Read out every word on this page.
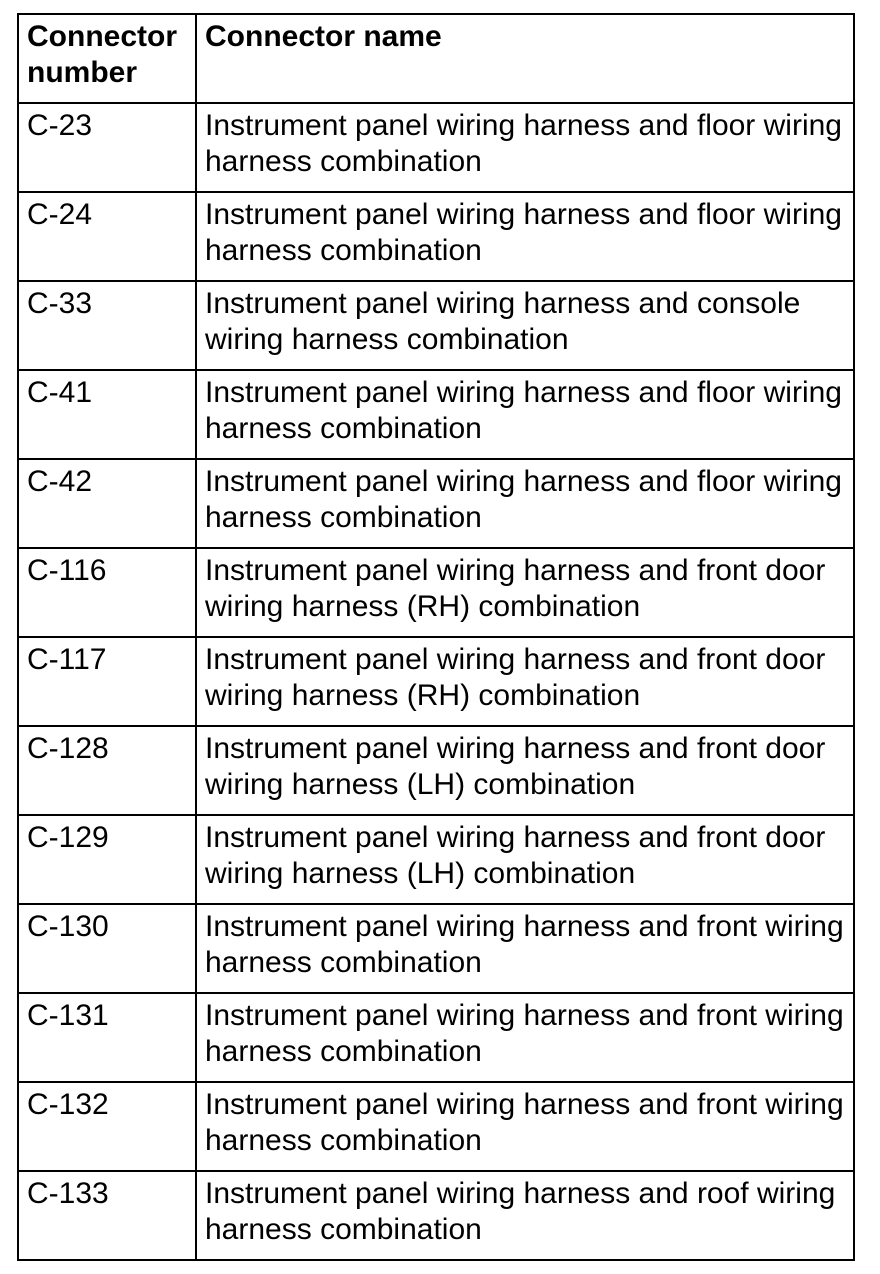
Connector number	Connector name
C-23	Instrument panel wiring harness and floor wiring harness combination
C-24	Instrument panel wiring harness and floor wiring harness combination
C-33	Instrument panel wiring harness and console wiring harness combination
C-41	Instrument panel wiring harness and floor wiring harness combination
C-42	Instrument panel wiring harness and floor wiring harness combination
C-116	Instrument panel wiring harness and front door wiring harness (RH) combination
C-117	Instrument panel wiring harness and front door wiring harness (RH) combination
C-128	Instrument panel wiring harness and front door wiring harness (LH) combination
C-129	Instrument panel wiring harness and front door wiring harness (LH) combination
C-130	Instrument panel wiring harness and front wiring harness combination
C-131	Instrument panel wiring harness and front wiring harness combination
C-132	Instrument panel wiring harness and front wiring harness combination
C-133	Instrument panel wiring harness and roof wiring harness combination
